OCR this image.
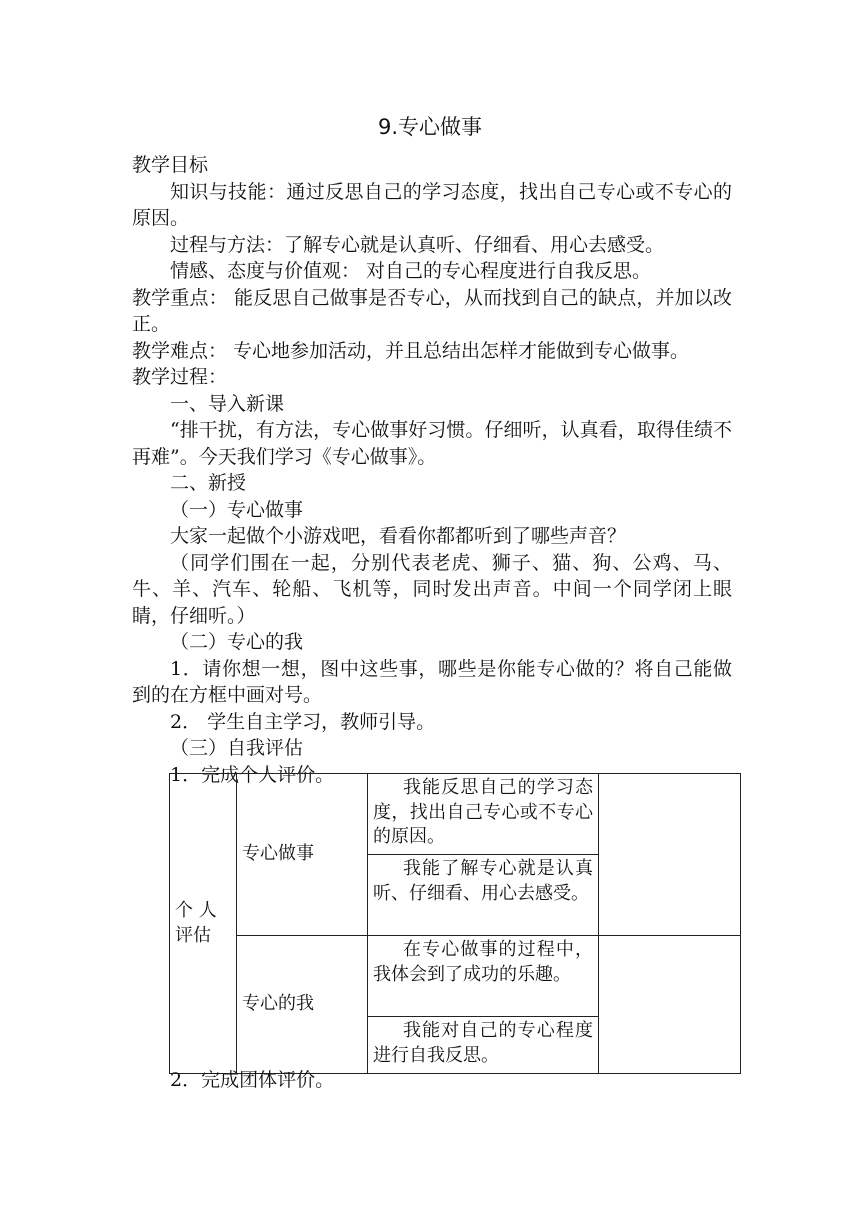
9.专心做事

教学目标

知识与技能：通过反思自己的学习态度，找出自己专心或不专心的原因。

过程与方法：了解专心就是认真听、仔细看、用心去感受。

情感、态度与价值观： 对自己的专心程度进行自我反思。

教学重点： 能反思自己做事是否专心，从而找到自己的缺点，并加以改正。

教学难点： 专心地参加活动，并且总结出怎样才能做到专心做事。

教学过程：

一、导入新课

“排干扰，有方法，专心做事好习惯。仔细听，认真看，取得佳绩不再难”。今天我们学习《专心做事》。

二、新授

（一）专心做事

大家一起做个小游戏吧，看看你都都听到了哪些声音？

（同学们围在一起，分别代表老虎、狮子、猫、狗、公鸡、马、牛、羊、汽车、轮船、飞机等，同时发出声音。中间一个同学闭上眼睛，仔细听。）

（二）专心的我

1．请你想一想，图中这些事，哪些是你能专心做的？将自己能做到的在方框中画对号。

2． 学生自主学习，教师引导。

（三）自我评估

1．完成个人评价。

个 人评估	专心做事	我能反思自己的学习态度，找出自己专心或不专心的原因。	

		我能了解专心就是认真听、仔细看、用心去感受。	

	专心的我	在专心做事的过程中，我体会到了成功的乐趣。	

		我能对自己的专心程度进行自我反思。	

2．完成团体评价。
